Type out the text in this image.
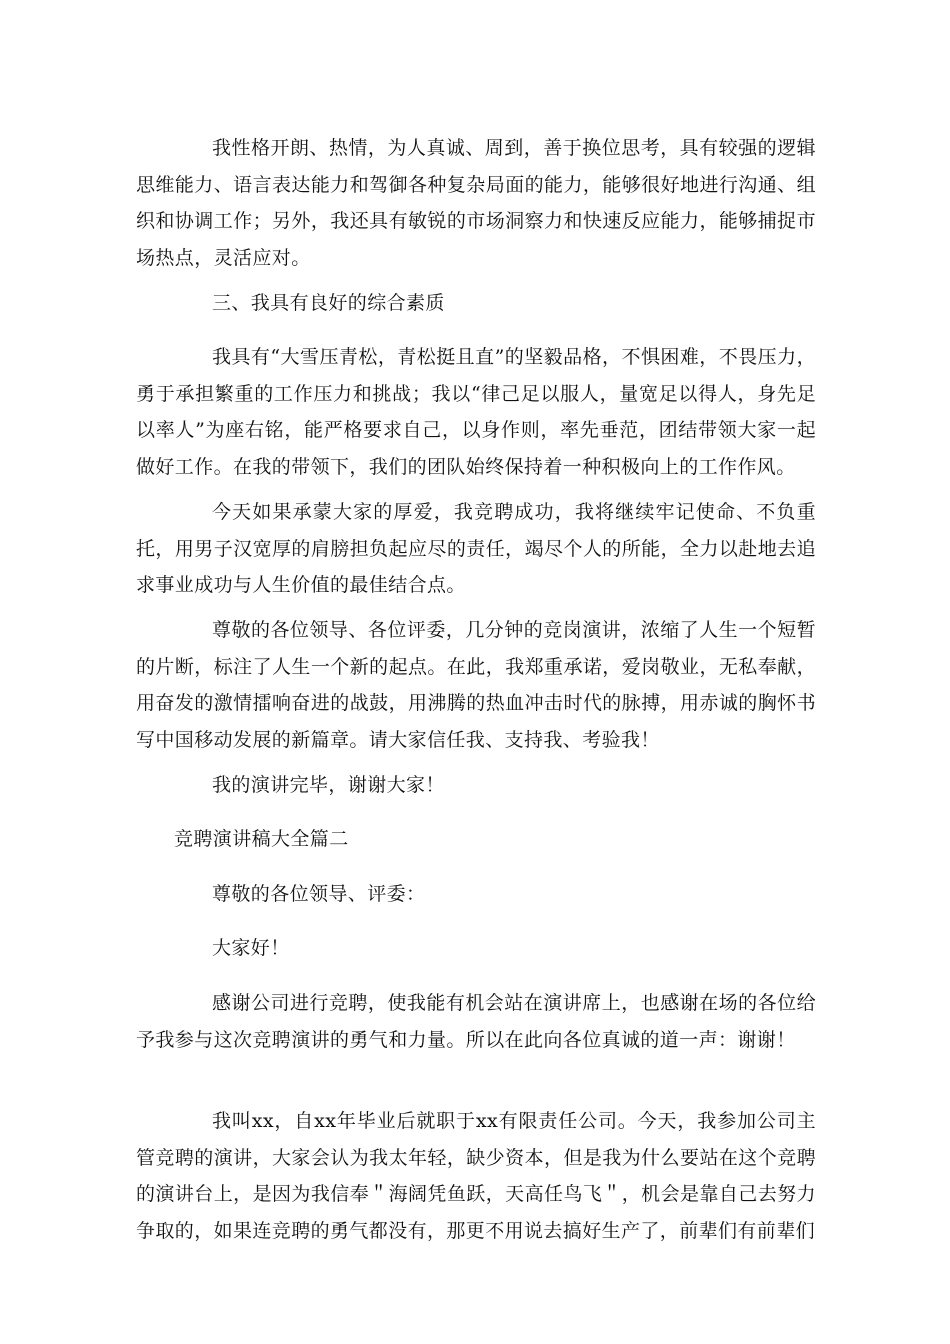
我性格开朗、热情，为人真诚、周到，善于换位思考，具有较强的逻辑思维能力、语言表达能力和驾御各种复杂局面的能力，能够很好地进行沟通、组织和协调工作；另外，我还具有敏锐的市场洞察力和快速反应能力，能够捕捉市场热点，灵活应对。

三、我具有良好的综合素质

我具有“大雪压青松，青松挺且直”的坚毅品格，不惧困难，不畏压力，勇于承担繁重的工作压力和挑战；我以“律己足以服人，量宽足以得人，身先足以率人”为座右铭，能严格要求自己，以身作则，率先垂范，团结带领大家一起做好工作。在我的带领下，我们的团队始终保持着一种积极向上的工作作风。

今天如果承蒙大家的厚爱，我竞聘成功，我将继续牢记使命、不负重托，用男子汉宽厚的肩膀担负起应尽的责任，竭尽个人的所能，全力以赴地去追求事业成功与人生价值的最佳结合点。

尊敬的各位领导、各位评委，几分钟的竞岗演讲，浓缩了人生一个短暂的片断，标注了人生一个新的起点。在此，我郑重承诺，爱岗敬业，无私奉献，用奋发的激情擂响奋进的战鼓，用沸腾的热血冲击时代的脉搏，用赤诚的胸怀书写中国移动发展的新篇章。请大家信任我、支持我、考验我！

我的演讲完毕，谢谢大家！

竞聘演讲稿大全篇二

尊敬的各位领导、评委：

大家好！

感谢公司进行竞聘，使我能有机会站在演讲席上，也感谢在场的各位给予我参与这次竞聘演讲的勇气和力量。所以在此向各位真诚的道一声：谢谢！

我叫xx，自xx年毕业后就职于xx有限责任公司。今天，我参加公司主管竞聘的演讲，大家会认为我太年轻，缺少资本，但是我为什么要站在这个竞聘的演讲台上，是因为我信奉＂海阔凭鱼跃，天高任鸟飞＂，机会是靠自己去努力争取的，如果连竞聘的勇气都没有，那更不用说去搞好生产了，前辈们有前辈们
